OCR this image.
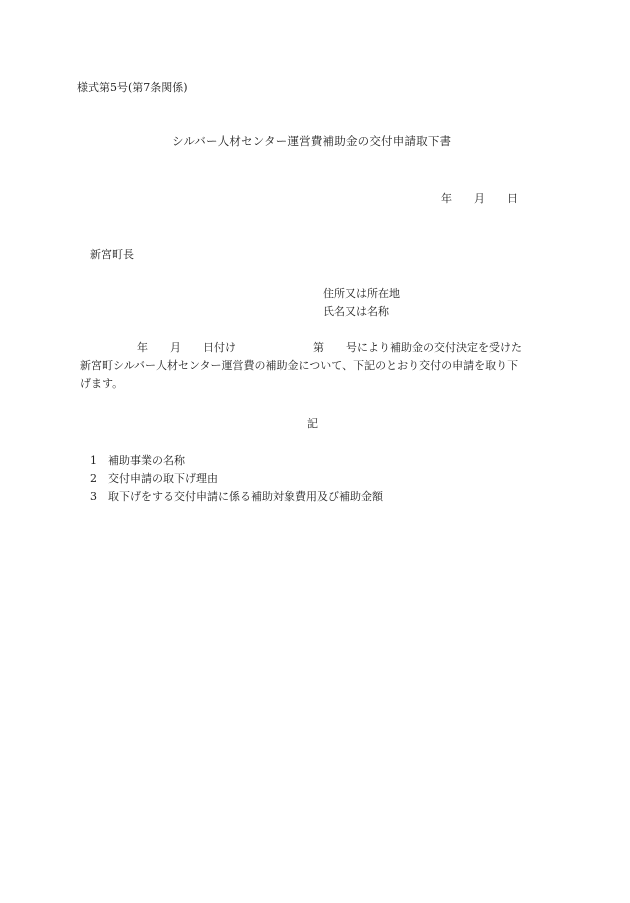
様式第5号(第7条関係)
シルバー人材センター運営費補助金の交付申請取下書
年 月 日
新宮町長
住所又は所在地
氏名又は名称
年 月 日付け	第 号により補助金の交付決定を受けた
新宮町シルバー人材センター運営費の補助金について、下記のとおり交付の申請を取り下
げます。
記
1 補助事業の名称
2 交付申請の取下げ理由
3 取下げをする交付申請に係る補助対象費用及び補助金額
